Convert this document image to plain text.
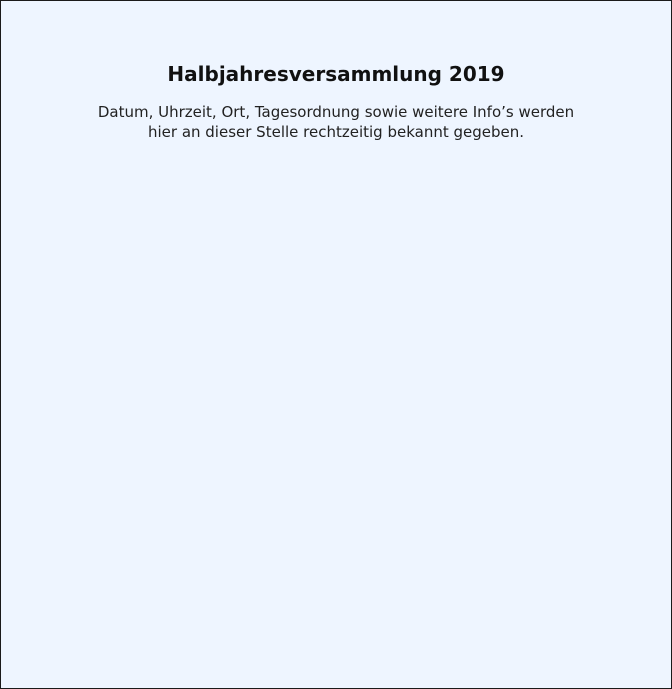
Halbjahresversammlung 2019

Datum, Uhrzeit, Ort, Tagesordnung sowie weitere Info’s werden
hier an dieser Stelle rechtzeitig bekannt gegeben.
